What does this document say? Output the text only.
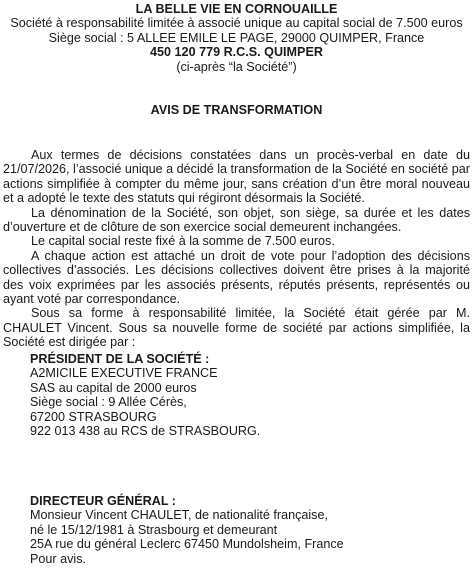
LA BELLE VIE EN CORNOUAILLE
Société à responsabilité limitée à associé unique au capital social de 7.500 euros
Siège social : 5 ALLEE EMILE LE PAGE, 29000 QUIMPER, France
450 120 779 R.C.S. QUIMPER
(ci-après “la Société”)
AVIS DE TRANSFORMATION

Aux termes de décisions constatées dans un procès-verbal en date du 21/07/2026, l’associé unique a décidé la transformation de la Société en société par actions simplifiée à compter du même jour, sans création d’un être moral nouveau et a adopté le texte des statuts qui régiront désormais la Société.

La dénomination de la Société, son objet, son siège, sa durée et les dates d’ouverture et de clôture de son exercice social demeurent inchangées.

Le capital social reste fixé à la somme de 7.500 euros.

A chaque action est attaché un droit de vote pour l’adoption des décisions collectives d’associés. Les décisions collectives doivent être prises à la majorité des voix exprimées par les associés présents, réputés présents, représentés ou ayant voté par correspondance.

Sous sa forme à responsabilité limitée, la Société était gérée par M. CHAULET Vincent. Sous sa nouvelle forme de société par actions simplifiée, la Société est dirigée par :

PRÉSIDENT DE LA SOCIÉTÉ :
A2MICILE EXECUTIVE FRANCE
SAS au capital de 2000 euros
Siège social : 9 Allée Cérès,
67200 STRASBOURG
922 013 438 au RCS de STRASBOURG.
DIRECTEUR GÉNÉRAL :
Monsieur Vincent CHAULET, de nationalité française,
né le 15/12/1981 à Strasbourg et demeurant
25A rue du général Leclerc 67450 Mundolsheim, France
Pour avis.
